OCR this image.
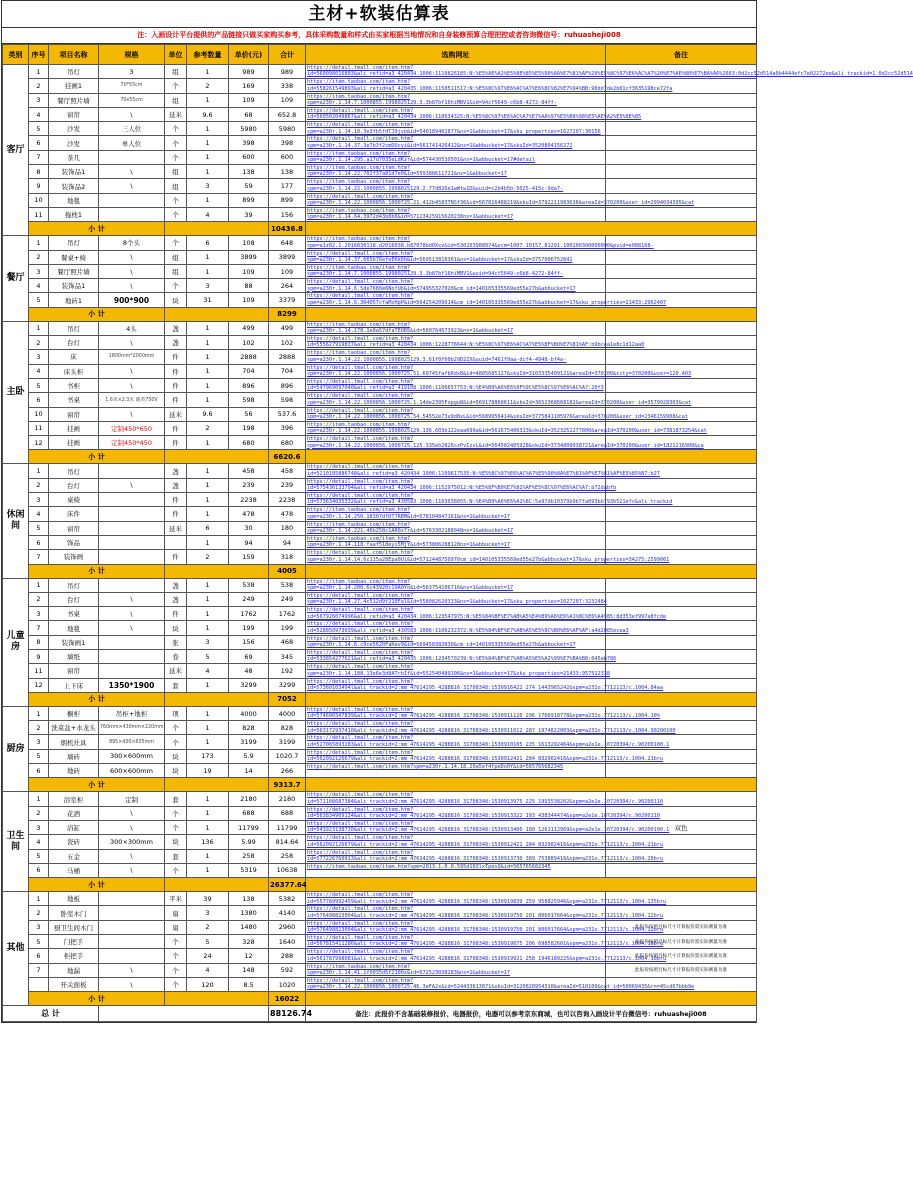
主材+软装估算表
注：入画设计平台提供的产品链接只做买家购买参考，具体采购数量和样式由买家根据当地情况和自身装修预算合理把控或者咨询微信号：ruhuasheji008
类别	序号	项目名称	规格	单位	参考数量	单价(元)	合计	选购网址	备注
客厅	1	吊灯	3	组	1	989	989	https://detail.tmall.com/item.htm?id=560098016803&ali_refid=a3_420434_1006:1110826185:N:%E5%AE%A2%E5%8E%85%E5%90%8A%E7%81%AF%20%E5%8C%97%E6%AC%A7%20%E7%AE%80%E7%BA%A6%2663:0d2cc52d514a0b4444efc7e02272ee&ali_trackid=1_0d2cc52d514	

	2	挂画1	70*55cm	个	2	169	338	https://item.taobao.com/item.htm?id=558261549893&ali_refid=a3_420435_1006:1150511517:N:%E5%8C%97%E6%AC%A7%E6%8C%82%E7%94%BB:90dd7de2b01cf3635198ce72fa	

	3	餐厅照片墙	70x55cm	组	1	109	109	https://item.taobao.com/item.htm?spm=a230r.1.14.7.1000855.1998025129.3.3b87bf16hiMBV1&id=94cf5649-c6b8-4272-84ff-	

	4	窗帘	\	延米	9.6	68	652.8	https://detail.tmall.com/item.htm?id=560502049867&ali_refid=a3_420434_1006:110634325:N:%E5%8C%97%E6%AC%A7%E7%AA%97%E5%B8%98%E5%AE%A2%E5%8E%85	

	5	沙发	三人位	个	1	5980	5980	https://detail.tmall.com/item.htm?spm=a230r.1.14.18.3e3fb5fdTJ9jvb&id=540189402877&ns=1&abbucket=17&sku_properties=1627207:30156	

	6	沙发	单人位	个	1	398	398	https://detail.tmall.com/item.htm?spm=a230r.1.14.37.3e7b3f2cmDUcvi&id=561741426412&ns=1&abbucket=17&skuId=3520804156272	

	7	茶几		个	1	600	600	https://item.taobao.com/item.htm?spm=a230r.1.14.295.a17d7035eLdKzr&id=574430530501&ns=1&abbucket=17#detail	

	8	装饰品1	\	组	1	138	138	https://item.taobao.com/item.htm?spm=a230r.1.14.22.702f37a81d7e0&id=559388611721&ns=1&abbucket=17	

	9	装饰品2	\	组	3	59	177	https://item.taobao.com/item.htm?spm=a230r.1.14.22.1000855.1998025129.2.77d826e1wWtw1D&uuid=c2b4b5b-5025-415c-9da7-	

	10	地毯		个	1	899	899	https://detail.tmall.com/item.htm?spm=a230r.1.14.22.1000856.1000725.21.412b4583TNSf36&id=567816488219&skuId=3792211983636&areaId=370200&user_id=2994034395&cat	

	11	拖枕1		个	4	39	156	https://item.taobao.com/item.htm?spm=a230r.1.14.64.3972d43b0b6&id=57123425915620238ns=1&abbucket=17	

	小 计						10436.8		
餐厅	1	吊灯	8个头	个	6	108	648	https://item.taobao.com/item.htm?spm=a1z02.1.2016030118.d2016038.b87078bd0Xxz&id=530203988974&scm=1007.10157.81291.100200300000000&pvid=e088168-	

	2	餐桌+椅	\	组	1	3899	3899	https://detail.tmall.com/item.htm?spm=a230r.1.14.37.665b76efeEKk6h&id=569513818361&ns=1&abbucket=17&skuId=3757006752841	

	3	餐厅照片墙	\	组	1	109	109	https://item.taobao.com/item.htm?spm=a230r.1.14.7.1000855.1998025129.3.3b87bf16hiMBV1&uuid=94cf5649-c6b8-4272-84ff-	

	4	装饰品1	\	个	3	88	264	https://detail.tmall.com/item.htm?spm=a230r.1.14.6.5de7680e6NofUb&id=574955327020&cm_id=140105335569ed55e27b&abbucket=17	

	5	地砖1	900*900	块	31	109	3379	https://detail.tmall.com/item.htm?spm=a230r.1.14.6.304057cfaMxHpP&id=564254209014&cm_id=140105335569ed55e27b&abbucket=17&sku_properties=21433:2962407	

	小 计						8299		
主卧	1	吊灯	4头	盏	1	499	499	https://item.taobao.com/item.htm?spm=a230r.1.14.178.1e0a57dfaTEOB5&id=560764573923&ns=1&abbucket=17	

	2	台灯	\	盏	1	102	102	https://detail.tmall.com/item.htm?id=555627919837&ali_refid=a3_420434_1006:1228776644:N:%E5%8C%97%E6%AC%A7%E5%8F%B0%E7%81%AF:b9bcea1e8c1d12aa0	

	3	床	1800mm*2000mm	件	1	2888	2888	https://item.taobao.com/item.htm?spm=a230r.1.14.22.1000855.1998025129.3.61f0f60b29D2ZX&uuid=7461f9aa-dcf4-4948-bf4a-	

	4	床头柜	\	件	1	704	704	https://detail.tmall.com/item.htm?spm=a230r.1.14.22.1000856.1000725.51.60745fafb6dx8&id=4805685127&skuId=3103335409121&areaId=370200&city=370200&user=120.403	

	5	书柜	\	件	1	896	896	https://detail.tmall.com/item.htm?id=547969097040&ali_refid=a3_419108_1006:1106657753:N:%E4%B9%A6%E6%9F%9C%E5%8C%97%E6%AC%A7:20f3	

	6	书桌	1.6米×2.3米 暖黄750V	件	1	598	598	https://detail.tmall.com/item.htm?spm=a230r.1.14.22.1000856.1000725.1.14de2395Fopgu8&id=569178860611&skuId=3652368668182&areaId=370200&user_id=3579928303&cat	

	10	窗帘	\	延米	9.6	56	537.6	https://detail.tmall.com/item.htm?spm=a230r.1.14.22.1000856.1000725.54.54552e73u9d8vL&id=5689956414&skuId=3775841105976&areaId=370200&user_id=2346159908&cat	

	11	挂画	定制450*650	件	2	198	396	https://item.taobao.com/item.htm?spm=a230r.1.14.22.1000855.1998025129.136.603b122eaa699a&id=561675400313&skuId=3523252277800&areaId=370200&user_id=7381873254&cat	

	12	挂画	定制450*450	件	1	680	680	https://detail.tmall.com/item.htm?spm=a230r.1.14.22.1000856.1000725.125.335eb2826czPvIzvL&id=564502405928&skuId=3734809938721&areaId=370200&user_id=1821216908&ca	

	小 计						6620.6		
休闲间	1	吊灯		盏	1	458	458	https://detail.tmall.com/item.htm?id=5210185886748&ali_refid=a3_420434_1006:1109617535:N:%E5%8C%97%E6%AC%A7%E5%90%8A%E7%81%AF%E7%81%AF%E5%85%B7:b27	

	2	台灯	\	盏	1	239	239	https://detail.tmall.com/item.htm?id=575436133794&ali_refid=a3_420434_1006:1152975012:N:%E5%8F%B0%E7%81%AF%E5%8C%97%E6%AC%A7:b72dabfb	

	3	桌椅		件	1	2238	2238	https://detail.tmall.com/item.htm?id=573634035332&ali_refid=a3_430583_1006:1103038055:N:%E4%B9%A6%E6%A1%8C:5a97db10379b9b7fa093bb793b521efc&ali_trackid	

	4	床件		件	1	478	478	https://item.taobao.com/item.htm?spm=a230r.1.14.250.18307dfDT7RBM&id=578104847161&ns=1&abbucket=17	

	5	窗帘		延米	6	30	180	https://item.taobao.com/item.htm?spm=a230r.1.14.221.46b258c1AR0z7r&id=5763302188048ns=1&abbucket=17	

	6	饰品			1	94	94	https://item.taobao.com/item.htm?spm=a230r.1.14.118.faaf518eyi5MjY&id=573806288128ns=1&abbucket=17	

	7	装饰画		件	2	159	318	https://detail.tmall.com/item.htm?spm=a230r.1.14.14.6c115a28Epa0Ui&id=5712448750970cm_id=140105335569ed55e27b&abbucket=17&sku_properties=34275:2599061	

	小 计						4005		
儿童房	1	吊灯		盏	1	538	538	https://item.taobao.com/item.htm?spm=a230r.1.14.200.6c43920c19A0Yo&id=563754106716&ns=1&abbucket=17	

	2	台灯	\	盏	1	249	249	https://detail.tmall.com/item.htm?spm=a230r.1.14.27.4c512d9f210Fal&id=558082620333&ns=1&abbucket=17&sku_properties=1627207:3232484	

	3	书桌	\	件	1	1762	1762	https://detail.tmall.com/item.htm?id=567926074996&ali_refid=a3_420434_1006:123547975:N:%E5%84%BF%E7%AB%A5%E4%B9%A6%E6%A1%8C%E6%A4%85:8d353ef997a8fcde	

	7	地毯	\	块	1	199	199	https://detail.tmall.com/item.htm?id=528850973039&ali_refid=a3_430583_1006:1106232372:N:%E5%84%BF%E7%AB%A5%E5%9C%B0%E6%AF%AF:a4d2085ecea3	

	8	装饰画1		张	3	156	468	https://detail.tmall.com/item.htm?spm=a230r.1.14.6.c9ce5620FaKev9&id=569458383830&cm_id=140105335569ed55e27b&abbucket=17	

	9	墙纸		卷	5	69	345	https://detail.tmall.com/item.htm?id=533854277621&ali_refid=a3_420435_1006:1234570239:N:%E5%84%BF%E7%AB%A5%E5%A2%99%E7%BA%B8:045ab786	

	11	窗帘		延米	4	48	192	https://detail.tmall.com/item.htm?spm=a230r.1.14.188.13e6e3d8ATrbIf&id=552540489106&ns=1&abbucket=17&sku_properties=21433:957512338	

	12	上下床	1350*1900	套	1	3299	3299	https://detail.tmall.com/item.htm?id=57360103494l&ali_trackid=2:mm_47614295_4288816_31708348:1530916422_274_1443965242&spm=a231o.7712113/c.1004.84aa	

	小 计						7052		
厨房	1	橱柜	吊柜+地柜	项	1	4000	4000	https://detail.tmall.com/item.htm?id=574690347839&ali_trackid=2:mm_47614295_4288816_31708348:1530911126_296_1766918778&spm=a231o.7712113/c.1004.10%	

	2	洗菜盆+水龙头	760mm×430mm×220mm	个	1	828	828	https://detail.tmall.com/item.htm?id=563172937410&ali_trackid=2:mm_47614295_4288816_31708348:1530911012_287_1974822003&spm=a231o.7712113/c.1004.90200100	

	3	烟机灶具	895×430×605mm	个	1	3199	3199	https://detail.tmall.com/item.htm?id=527065893283&ali_trackid=2:mm_47614295_4288816_31708348:1530910105_235_1613292464&spm=a2e1e.10720394/c.90200100.1	

	5	墙砖	300×600mm	块	173	5.9	1020.7	https://detail.tmall.com/item.htm?id=562092126679&ali_trackid=2:mm_47614295_4288816_31708348:1530912421_284_832902416&spm=a231o.7712113/c.1004.21bru	

	6	地砖	600×600mm	块	19	14	266	https://detail.tmall.com/item.htm?spm=a230r.1.14.18.29a5ef4fpeDo0Y&id=565765682345	

	小 计						9313.7		
卫生间	1	浴室柜	定制	套	1	2180	2180	https://detail.tmall.com/item.htm?id=571108687384&ali_trackid=2:mm_47614295_4288816_31708348:1530913975_225_1993538202&spm=a2e1e.10720394/c.90200110	

	2	花洒	\	个	1	688	688	https://detail.tmall.com/item.htm?id=563834909134&ali_trackid=2:mm_47614295_4288816_31708348:1530913322_193_438344474&spm=a2e1e.10720394/c.90200110	

	3	浴缸	\	个	1	11799	11799	https://detail.tmall.com/item.htm?id=543923138730&ali_trackid=2:mm_47614295_4288816_31708348:1530913406_180_1261112969&spm=a2e1e.10720394/c.90200100.1	双色
	4	瓷砖	300×300mm	块	136	5.99	814.64	https://detail.tmall.com/item.htm?id=562092126679&ali_trackid=2:mm_47614295_4288816_31708348:1530912421_284_832902416&spm=a231o.7712113/c.1004.21bru	

	5	五金	\	套	1	258	258	https://detail.tmall.com/item.htm?id=577226760913&ali_trackid=2:mm_47614295_4288816_31708348:1530913730_389_753889416&spm=a231o.7712113/c.1004.20bru	

	6	马桶	\	个	1	5319	10638	https://item.taobao.com/item.htm?spm=2013.1.0.0.595d103lxTpesQ&id=565765682345	

	小 计						26377.64		
其他	1	地板		平米	39	138	5382	https://detail.tmall.com/item.htm?id=557789992459&ali_trackid=2:mm_47614295_4288816_31708348:1530919839_259_958825946&spm=a231o.7712113/c.1004.135bru	

	2	卧室木门		扇	3	1380	4140	https://detail.tmall.com/item.htm?id=576498823004&ali_trackid=2:mm_47614295_4288816_31708348:1530919750_201_806017664&spm=a231o.7712113/c.1004.12bru	

	3	厨卫生间木门		扇	2	1480	2960	https://detail.tmall.com/item.htm?id=576498823004&ali_trackid=2:mm_47614295_4288816_31708348:1530919750_201_806017664&spm=a231o.7712113/c.1004.12bru	此报价按照目标尺寸计算报价需实际测量为准
	5	门把手		个	5	328	1640	https://detail.tmall.com/item.htm?id=567815411286&ali_trackid=2:mm_47614295_4288816_31708348:1530919875_206_698582601&spm=a231o.7712113/c.1004.10bru	此报价按照目标尺寸计算报价需实际测量为准
	6	柜把手		个	24	12	288	https://detail.tmall.com/item.htm?id=561787998081&ali_trackid=2:mm_47614295_4288816_31708348:1530919921_258_1946189225&spm=a231o.7712113/c.1004.10bru	此报价按照目标尺寸计算报价需实际测量为准
	7	地漏	\	个	4	148	592	https://item.taobao.com/item.htm?spm=a230r.1.14.41.1f0035d5f2100z&id=572523038283&ns=1&abbucket=17	此报价按照目标尺寸计算报价需实际测量为准
		开关面板	\	个	120	8.5	1020	https://detail.tmall.com/item.htm?spm=a230r.1.14.22.1000856.1000725.46.3eFA2x&id=524433613871&skuId=3120828954310&areaId=510100&cat_id=50069435&rn=45cd67bbb9e	

	小 计						16022		
总 计							88126.74	备注：此报价不含基础装修报价、电器报价，电器可以参考京东商城，也可以咨询入画设计平台微信号：ruhuasheji008	
